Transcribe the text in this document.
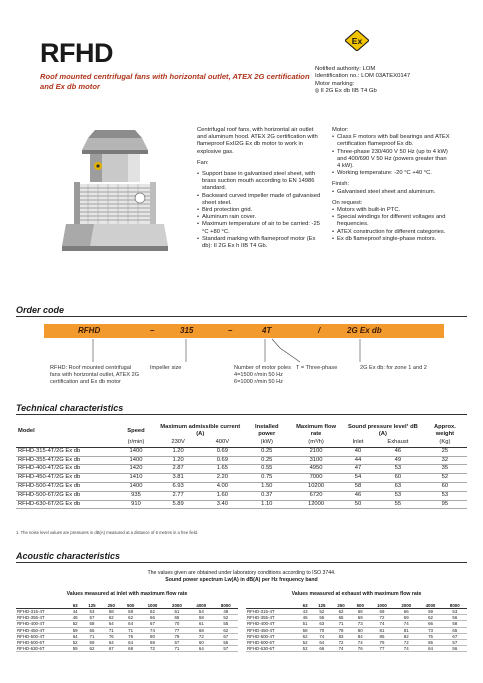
RFHD
Roof mounted centrifugal fans with horizontal outlet, ATEX 2G certification and Ex db motor
Ex
Notified authority: LOM
Identification no.: LOM 03ATEX0147
Motor marking:
⦻ II 2G Ex db IIB T4 Gb

Centrifugal roof fans, with horizontal air outlet and aluminum hood. ATEX 2G certification with flameproof ExII2G Ex db motor to work in explosive gas.

Fan:

• Support base in galvanised steel sheet, with brass suction mouth according to EN 14986 standard.
• Backward curved impeller made of galvanised sheet steel.
• Bird protection grid.
• Aluminum rain cover.
• Maximum temperature of air to be carried: -25 °C +80 °C.
• Standard marking with flameproof motor (Ex db): II 2G Ex h IIB T4 Gb.

Motor:

• Class F motors with ball bearings and ATEX certification flameproof Ex db.
• Three-phase 230/400 V 50 Hz (up to 4 kW) and 400/690 V 50 Hz (powers greater than 4 kW).
• Working temperature: -20 °C +40 °C.

Finish:

• Galvanised steel sheet and aluminum.

On request:

• Motors with built-in PTC.
• Special windings for different voltages and frequencies.
• ATEX construction for different categories.
• Ex db flameproof single-phase motors.
Order code
RFHD	–	315	–	4T	/	2G Ex db
RFHD: Roof mounted centrifugal fans with horizontal outlet, ATEX 2G certification and Ex db motor
Impeller size	Number of motor poles 4=1500 r/min 50 Hz 6=1000 r/min 50 Hz
T = Three-phase	2G Ex db: for zone 1 and 2
Technical characteristics
Model	Speed	Maximum admissible current (A)		Installed power	Maximum flow rate	Sound pressure level¹ dB (A)		Approx. weight
	(r/min)	230V	400V	(kW)	(m³/h)	Inlet	Exhaust	(Kg)
RFHD-315-4T/2G Ex db	1400	1.20	0.69	0.25	2100	40	46	25
RFHD-355-4T/2G Ex db	1400	1.20	0.69	0.25	3100	44	49	32
RFHD-400-4T/2G Ex db	1420	2.87	1.65	0.55	4950	47	53	35
RFHD-450-4T/2G Ex db	1410	3.81	2.20	0.75	7000	54	60	52
RFHD-500-4T/2G Ex db	1400	6.93	4.00	1.50	10200	58	63	60
RFHD-500-6T/2G Ex db	935	2.77	1.60	0.37	6720	46	53	53
RFHD-630-6T/2G Ex db	910	5.89	3.40	1.10	12000	50	55	95
1. The noise level values are pressures in dB(A) measured at a distance of 6 metres in a free field.
Acoustic characteristics
The values given are obtained under laboratory conditions according to ISO 3744.
Sound power spectrum Lw(A) in dB(A) per Hz frequency band
Values measured at inlet with maximum flow rate	Values measured at exhaust with maximum flow rate
	63	125	250	500	1000	2000	4000	8000
RFHD-315-4T	44	53	58	58	62	61	54	48
RFHD-355-4T	48	57	62	62	66	65	58	52
RFHD-400-4T	52	58	64	64	67	70	61	55
RFHD-450-4T	59	65	71	71	74	77	68	62
RFHD-500-4T	64	71	76	76	80	79	72	67
RFHD-500-6T	52	59	64	64	68	67	60	55
RFHD-630-6T	59	62	67	68	72	71	64	57
	63	125	250	500	1000	2000	4000	8000
RFHD-315-4T	43	52	62	66	69	66	59	53
RFHD-355-4T	46	55	65	69	72	69	62	56
RFHD-400-4T	51	63	71	73	74	74	66	58
RFHD-450-4T	58	70	78	80	81	81	73	65
RFHD-500-4T	62	74	83	84	85	82	75	67
RFHD-500-6T	52	64	72	74	75	72	65	57
RFHD-630-6T	52	66	74	76	77	74	64	56
